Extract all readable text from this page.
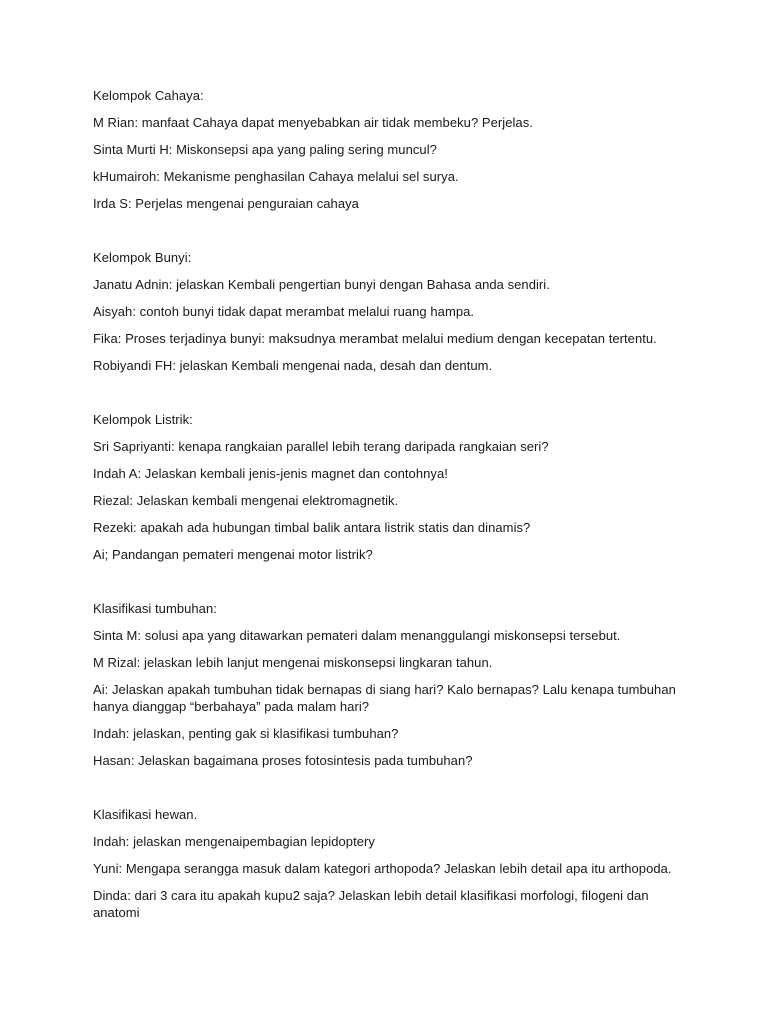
Kelompok Cahaya:
M Rian: manfaat Cahaya dapat menyebabkan air tidak membeku? Perjelas.
Sinta Murti H: Miskonsepsi apa yang paling sering muncul?
kHumairoh: Mekanisme penghasilan Cahaya melalui sel surya.
Irda S: Perjelas mengenai penguraian cahaya
Kelompok Bunyi:
Janatu Adnin: jelaskan Kembali pengertian bunyi dengan Bahasa anda sendiri.
Aisyah: contoh bunyi tidak dapat merambat melalui ruang hampa.
Fika: Proses terjadinya bunyi: maksudnya merambat melalui medium dengan kecepatan tertentu.
Robiyandi FH: jelaskan Kembali mengenai nada, desah dan dentum.
Kelompok Listrik:
Sri Sapriyanti: kenapa rangkaian parallel lebih terang daripada rangkaian seri?
Indah A: Jelaskan kembali jenis-jenis magnet dan contohnya!
Riezal: Jelaskan kembali mengenai elektromagnetik.
Rezeki: apakah ada hubungan timbal balik antara listrik statis dan dinamis?
Ai; Pandangan pemateri mengenai motor listrik?
Klasifikasi tumbuhan:
Sinta M: solusi apa yang ditawarkan pemateri dalam menanggulangi miskonsepsi tersebut.
M Rizal: jelaskan lebih lanjut mengenai miskonsepsi lingkaran tahun.
Ai: Jelaskan apakah tumbuhan tidak bernapas di siang hari? Kalo bernapas? Lalu kenapa tumbuhan hanya dianggap “berbahaya” pada malam hari?
Indah: jelaskan, penting gak si klasifikasi tumbuhan?
Hasan: Jelaskan bagaimana proses fotosintesis pada tumbuhan?
Klasifikasi hewan.
Indah: jelaskan mengenaipembagian lepidoptery
Yuni: Mengapa serangga masuk dalam kategori arthopoda? Jelaskan lebih detail apa itu arthopoda.
Dinda: dari 3 cara itu apakah kupu2 saja? Jelaskan lebih detail klasifikasi morfologi, filogeni dan anatomi
